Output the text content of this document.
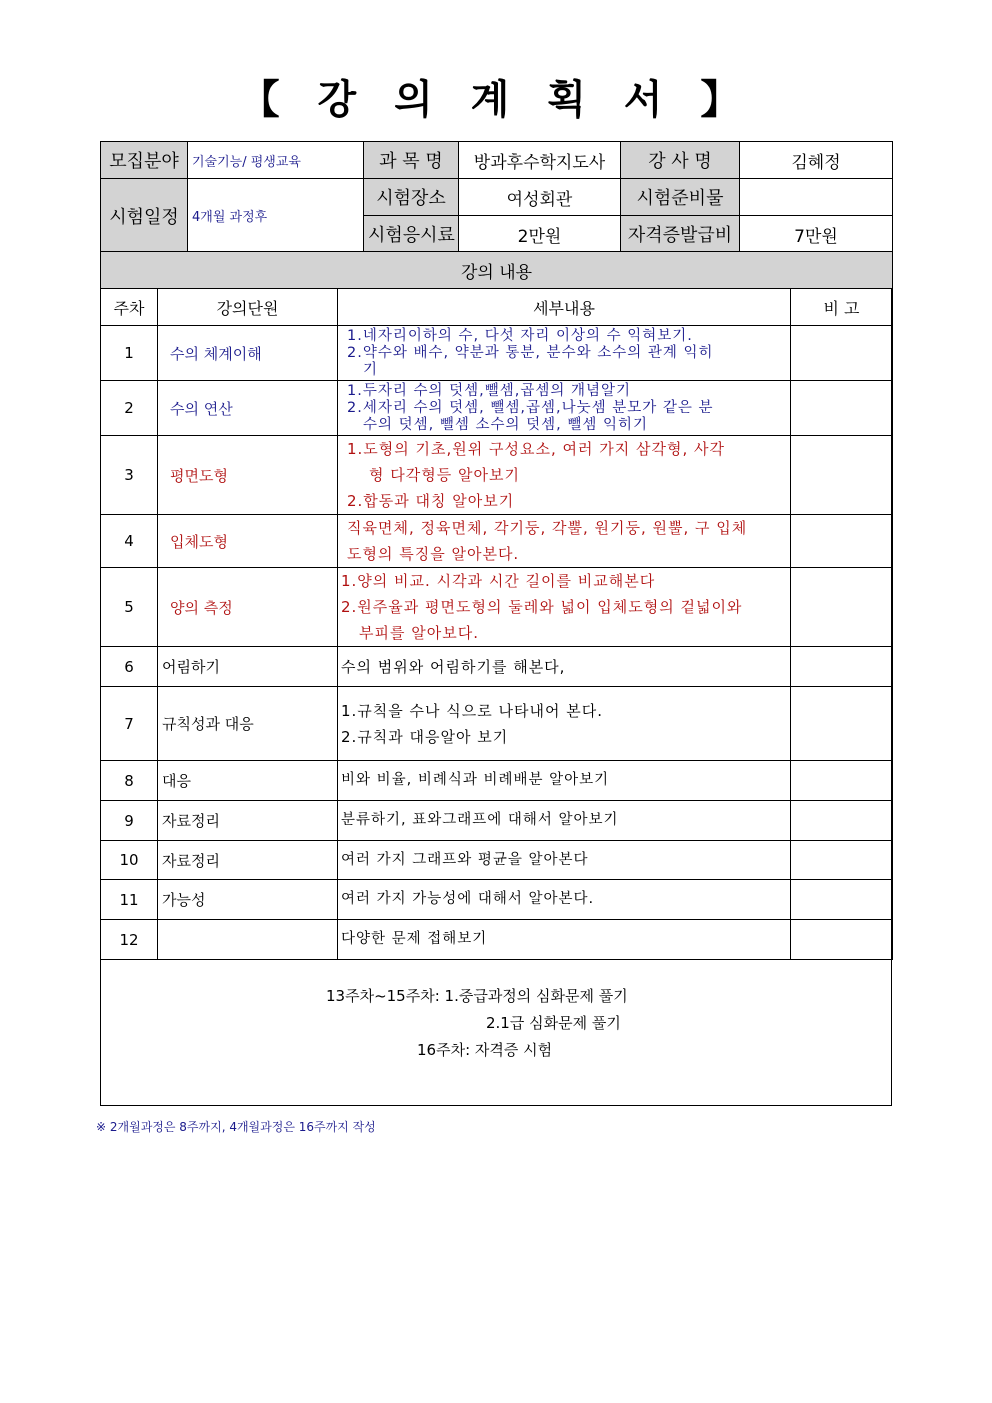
【 강 의 계 획 서 】
모집분야	기술기능/ 평생교육	과 목 명	방과후수학지도사	강 사 명	김혜정
시험일정	4개월 과정후	시험장소	여성회관	시험준비물	
		시험응시료	2만원	자격증발급비	7만원
강의 내용			
주차	강의단원	세부내용	비 고
1	수의 체계이해	1.네자리이하의 수, 다섯 자리 이상의 수 익혀보기.
2.약수와 배수, 약분과 통분, 분수와 소수의 관계 익히
기	

2	수의 연산	1.두자리 수의 덧셈,뺄셈,곱셈의 개념알기
2.세자리 수의 덧셈, 뺄셈,곱셈,나눗셈 분모가 같은 분
수의 덧셈, 뺄셈 소수의 덧셈, 뺄셈 익히기	

3	평면도형	1.도형의 기초,원위 구성요소, 여러 가지 삼각형, 사각
형 다각형등 알아보기
2.합동과 대칭 알아보기	

4	입체도형	직육면체, 정육면체, 각기둥, 각뿔, 원기둥, 원뿔, 구 입체
도형의 특징을 알아본다.	

5	양의 측정	1.양의 비교. 시각과 시간 길이를 비교해본다
2.원주율과 평면도형의 둘레와 넓이 입체도형의 겉넓이와
부피를 알아보다.	

6	어림하기	수의 범위와 어림하기를 해본다,	

7	규칙성과 대응	1.규칙을 수나 식으로 나타내어 본다.
2.규칙과 대응알아 보기	

8	대응	비와 비율, 비례식과 비례배분 알아보기	

9	자료정리	분류하기, 표와그래프에 대해서 알아보기	

10	자료정리	여러 가지 그래프와 평균을 알아본다	

11	가능성	여러 가지 가능성에 대해서 알아본다.	

12		다양한 문제 접해보기	

13주차~15주차: 1.중급과정의 심화문제 풀기
2.1급 심화문제 풀기
16주차: 자격증 시험
※ 2개월과정은 8주까지, 4개월과정은 16주까지 작성
